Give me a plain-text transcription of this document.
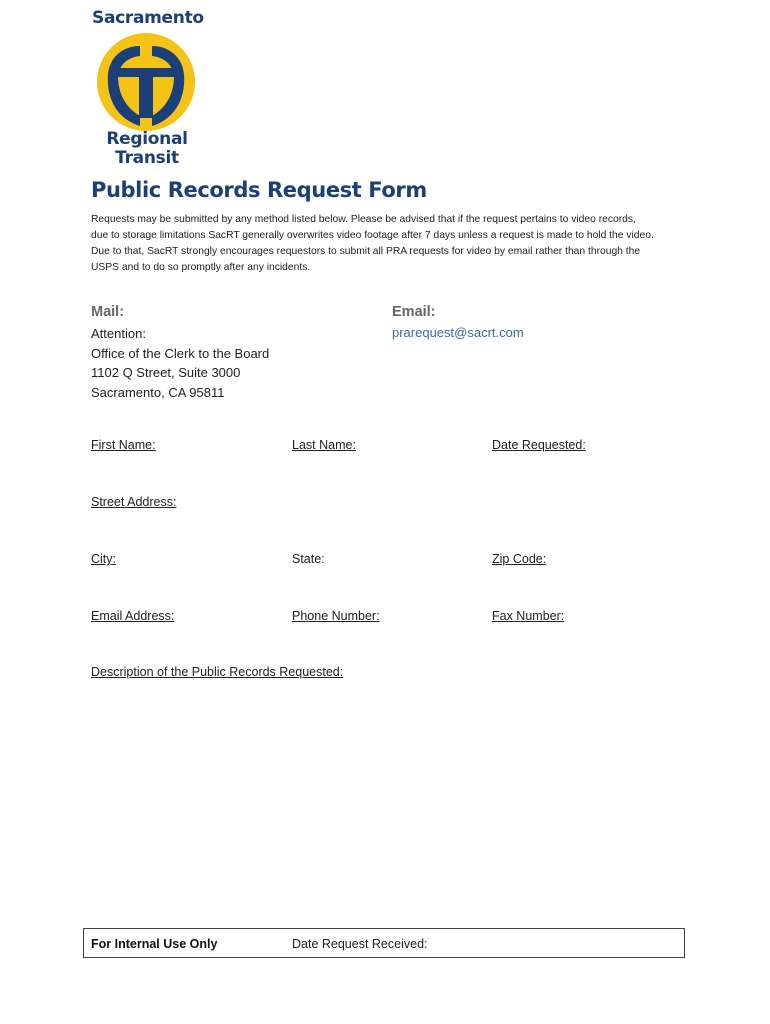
Sacramento
Regional
Transit
Public Records Request Form

Requests may be submitted by any method listed below. Please be advised that if the request pertains to video records,

due to storage limitations SacRT generally overwrites video footage after 7 days unless a request is made to hold the video.

Due to that, SacRT strongly encourages requestors to submit all PRA requests for video by email rather than through the

USPS and to do so promptly after any incidents.

Mail:
Attention:
Office of the Clerk to the Board
1102 Q Street, Suite 3000
Sacramento, CA 95811
Email:
prarequest@sacrt.com
First Name:	Last Name:	Date Requested:
Street Address:
City:	State:	Zip Code:
Email Address:	Phone Number:	Fax Number:
Description of the Public Records Requested:
For Internal Use Only	Date Request Received:
